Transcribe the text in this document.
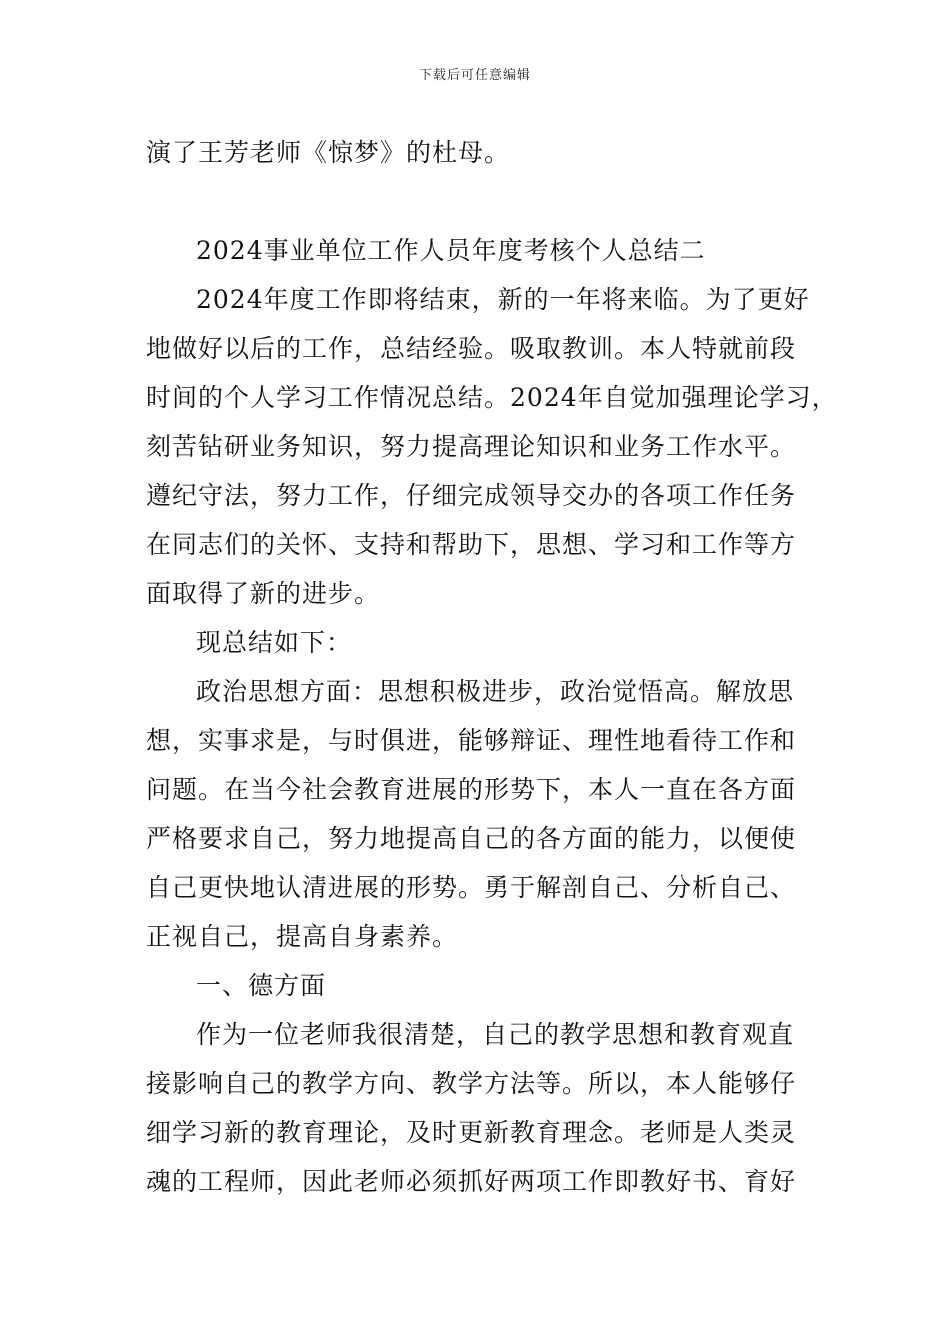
下载后可任意编辑
演了王芳老师《惊梦》的杜母。
2024事业单位工作人员年度考核个人总结二
2024年度工作即将结束，新的一年将来临。为了更好
地做好以后的工作，总结经验。吸取教训。本人特就前段
时间的个人学习工作情况总结。2024年自觉加强理论学习，
刻苦钻研业务知识，努力提高理论知识和业务工作水平。
遵纪守法，努力工作，仔细完成领导交办的各项工作任务
在同志们的关怀、支持和帮助下，思想、学习和工作等方
面取得了新的进步。
现总结如下：
政治思想方面：思想积极进步，政治觉悟高。解放思
想，实事求是，与时俱进，能够辩证、理性地看待工作和
问题。在当今社会教育进展的形势下，本人一直在各方面
严格要求自己，努力地提高自己的各方面的能力，以便使
自己更快地认清进展的形势。勇于解剖自己、分析自己、
正视自己，提高自身素养。
一、德方面
作为一位老师我很清楚，自己的教学思想和教育观直
接影响自己的教学方向、教学方法等。所以，本人能够仔
细学习新的教育理论，及时更新教育理念。老师是人类灵
魂的工程师，因此老师必须抓好两项工作即教好书、育好
